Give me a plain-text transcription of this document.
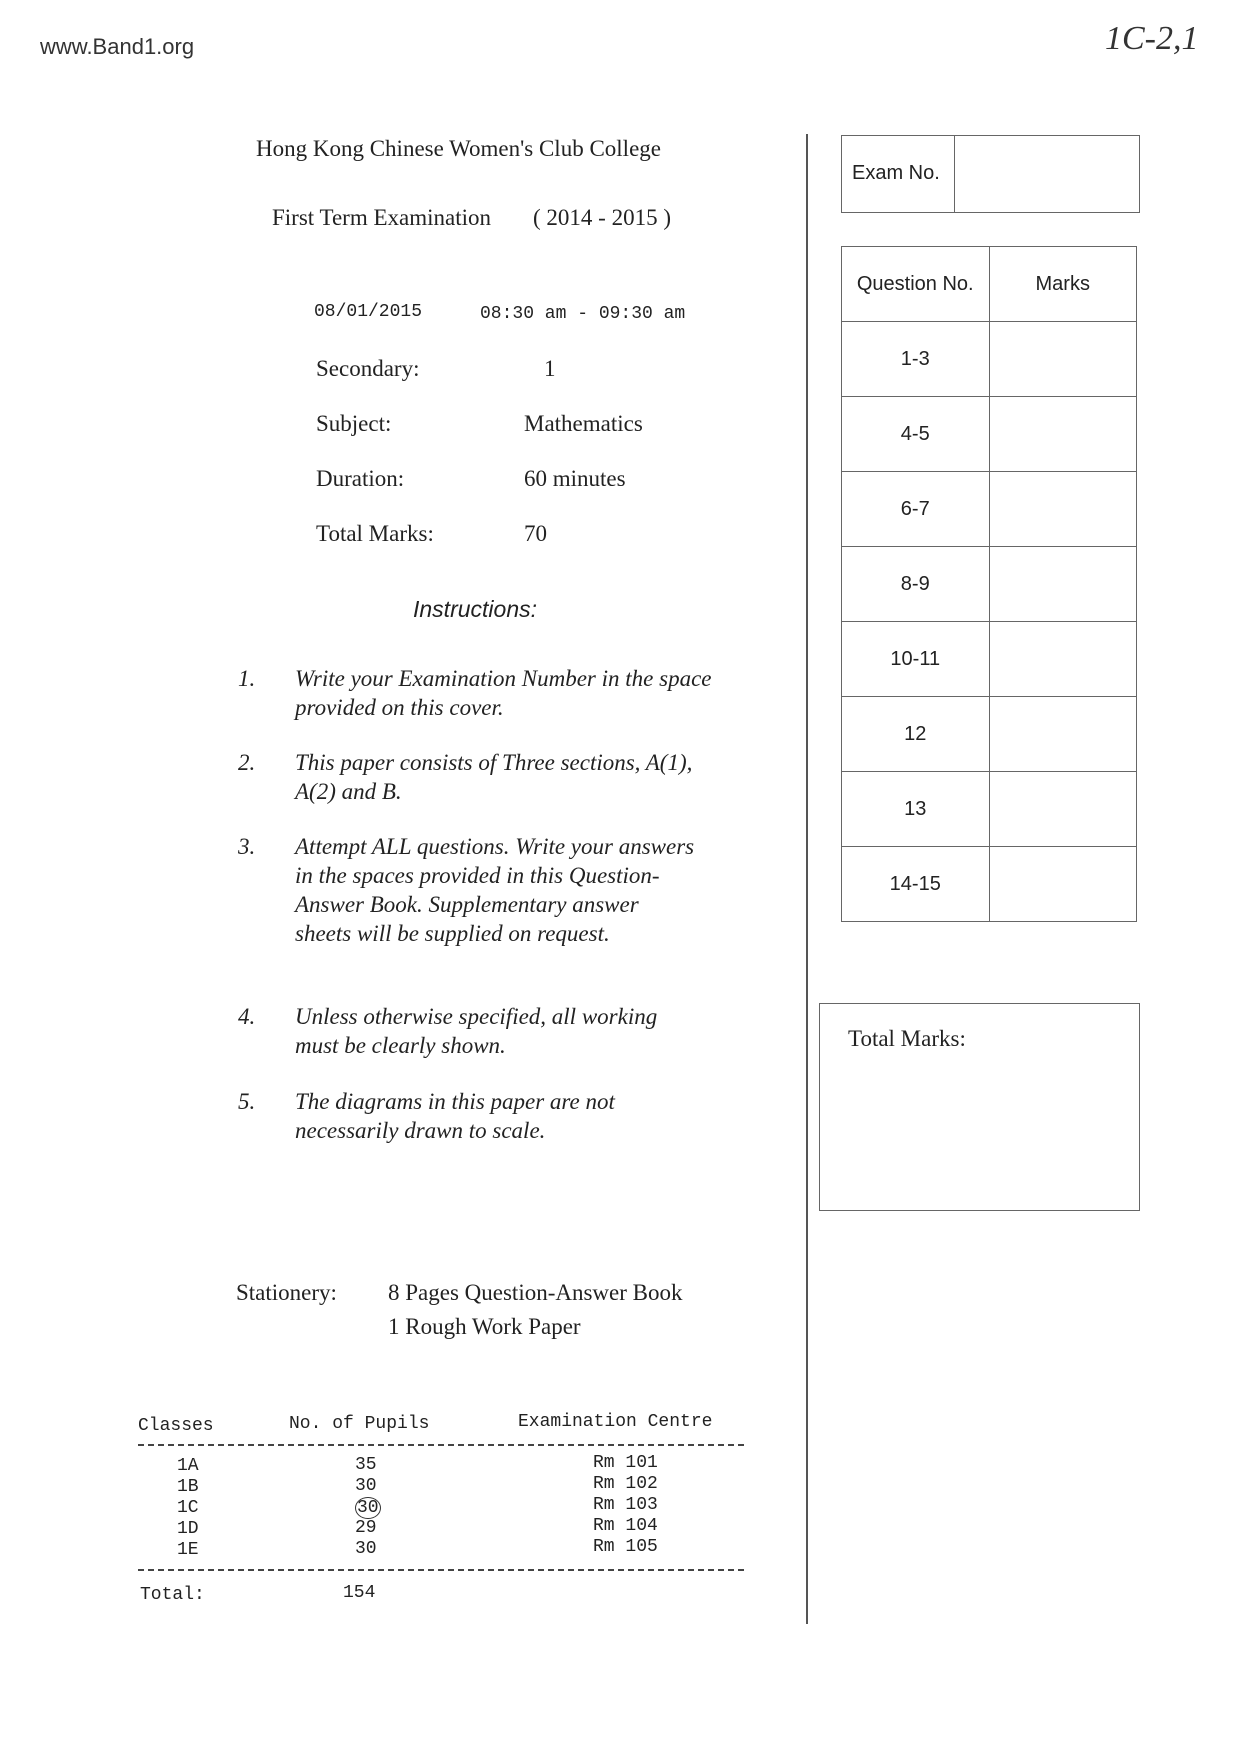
www.Band1.org	1C-2,1
Hong Kong Chinese Women's Club College
First Term Examination ( 2014 - 2015 )
08/01/2015	08:30 am - 09:30 am
Secondary:	1
Subject:	Mathematics
Duration:	60 minutes
Total Marks:	70
Instructions:
1.	Write your Examination Number in the space provided on this cover.
2.	This paper consists of Three sections, A(1), A(2) and B.
3.	Attempt ALL questions. Write your answers in the spaces provided in this Question-Answer Book. Supplementary answer sheets will be supplied on request.
4.	Unless otherwise specified, all working must be clearly shown.
5.	The diagrams in this paper are not necessarily drawn to scale.
Stationery: 8 Pages Question-Answer Book
1 Rough Work Paper
Classes	No. of Pupils	Examination Centre
1A	35	Rm 101
1B	30	Rm 102
1C	30	Rm 103
1D	29	Rm 104
1E	30	Rm 105
Total:	154
Exam No.
Question No.	Marks
1-3	
4-5	
6-7	
8-9	
10-11	
12	
13	
14-15	
Total Marks:
